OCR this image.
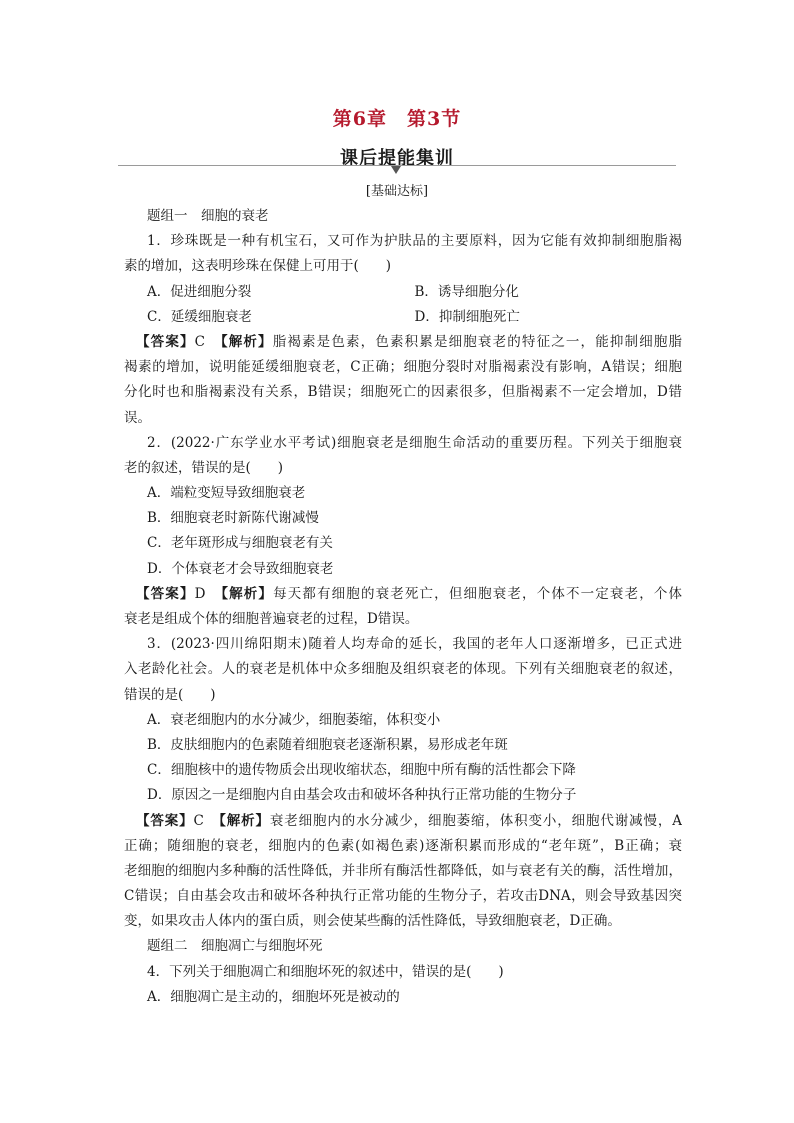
第6章　第3节
课后提能集训
[基础达标]
题组一　细胞的衰老
1．珍珠既是一种有机宝石，又可作为护肤品的主要原料，因为它能有效抑制细胞脂褐
素的增加，这表明珍珠在保健上可用于(　　)
A．促进细胞分裂	B．诱导细胞分化
C．延缓细胞衰老	D．抑制细胞死亡
【答案】C　 【解析】脂褐素是色素，色素积累是细胞衰老的特征之一，能抑制细胞脂
褐素的增加，说明能延缓细胞衰老，C正确；细胞分裂时对脂褐素没有影响，A错误；细胞
分化时也和脂褐素没有关系，B错误；细胞死亡的因素很多，但脂褐素不一定会增加，D错
误。
2．(2022·广东学业水平考试)细胞衰老是细胞生命活动的重要历程。下列关于细胞衰
老的叙述，错误的是(　　)
A．端粒变短导致细胞衰老
B．细胞衰老时新陈代谢减慢
C．老年斑形成与细胞衰老有关
D．个体衰老才会导致细胞衰老
【答案】D　 【解析】每天都有细胞的衰老死亡，但细胞衰老，个体不一定衰老，个体
衰老是组成个体的细胞普遍衰老的过程，D错误。
3．(2023·四川绵阳期末)随着人均寿命的延长，我国的老年人口逐渐增多，已正式进
入老龄化社会。人的衰老是机体中众多细胞及组织衰老的体现。下列有关细胞衰老的叙述，
错误的是(　　)
A．衰老细胞内的水分减少，细胞萎缩，体积变小
B．皮肤细胞内的色素随着细胞衰老逐渐积累，易形成老年斑
C．细胞核中的遗传物质会出现收缩状态，细胞中所有酶的活性都会下降
D．原因之一是细胞内自由基会攻击和破坏各种执行正常功能的生物分子
【答案】C　 【解析】衰老细胞内的水分减少，细胞萎缩，体积变小，细胞代谢减慢，A
正确；随细胞的衰老，细胞内的色素(如褐色素)逐渐积累而形成的“老年斑”，B正确；衰
老细胞的细胞内多种酶的活性降低，并非所有酶活性都降低，如与衰老有关的酶，活性增加，
C错误；自由基会攻击和破坏各种执行正常功能的生物分子，若攻击DNA，则会导致基因突
变，如果攻击人体内的蛋白质，则会使某些酶的活性降低，导致细胞衰老，D正确。
题组二　细胞凋亡与细胞坏死
4．下列关于细胞凋亡和细胞坏死的叙述中，错误的是(　　)
A．细胞凋亡是主动的，细胞坏死是被动的
